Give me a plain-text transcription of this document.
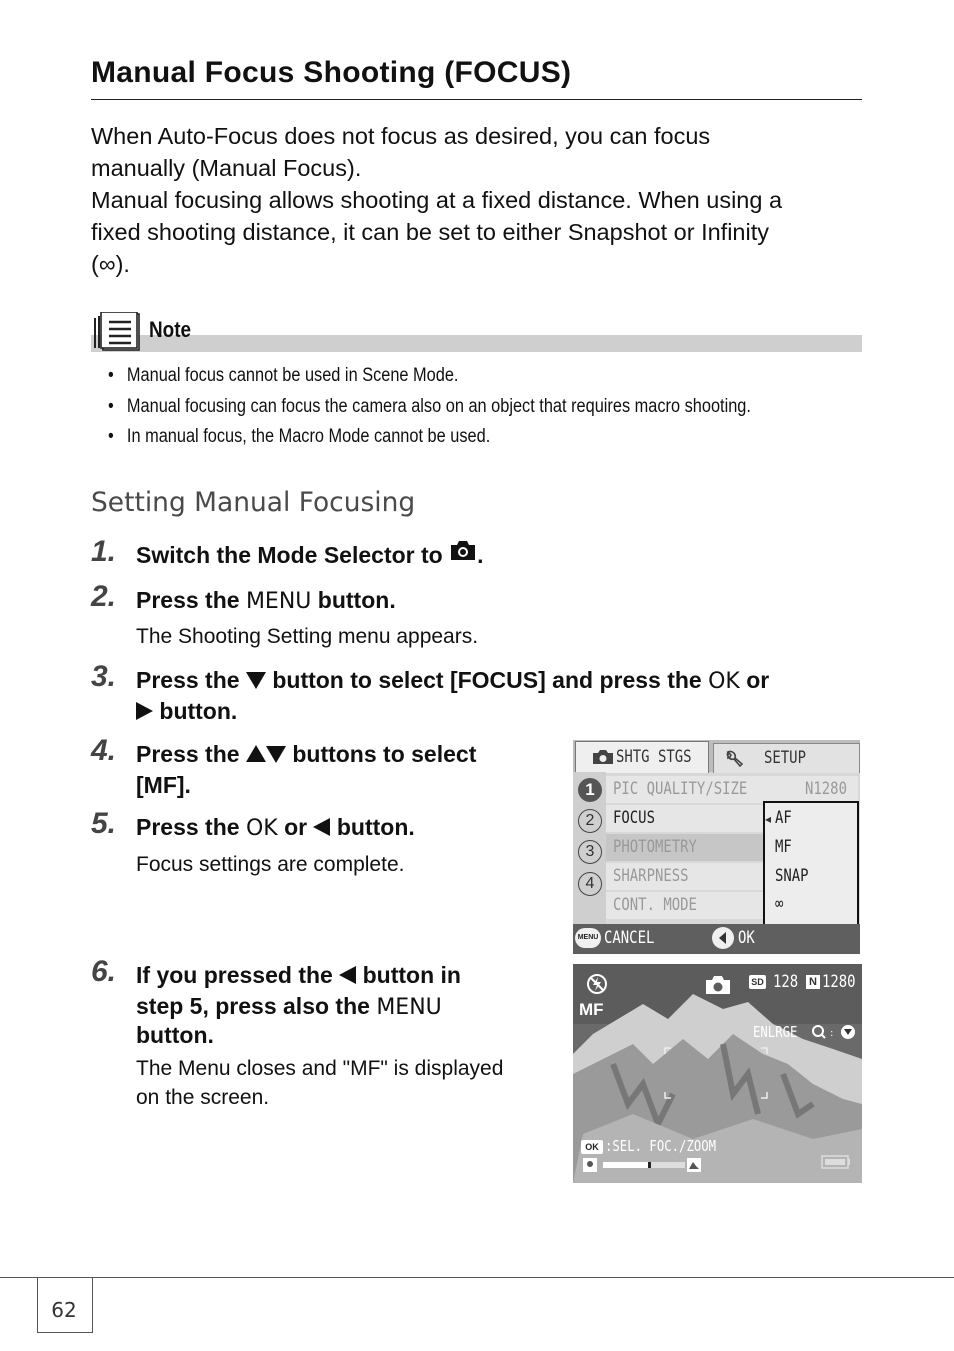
Manual Focus Shooting (FOCUS)
When Auto-Focus does not focus as desired, you can focus
manually (Manual Focus).
Manual focusing allows shooting at a fixed distance. When using a
fixed shooting distance, it can be set to either Snapshot or Infinity
(∞).
Note
• Manual focus cannot be used in Scene Mode.
• Manual focusing can focus the camera also on an object that requires macro shooting.
• In manual focus, the Macro Mode cannot be used.
Setting Manual Focusing
1. Switch the Mode Selector to .
2. Press the MENU button.
The Shooting Setting menu appears.
3. Press the button to select [FOCUS] and press the OK or
button.
4. Press the buttons to select
[MF].
5. Press the OK or button.
Focus settings are complete.
6. If you pressed the button in
step 5, press also the MENU
button.
The Menu closes and "MF" is displayed
on the screen.
SHTG STGS	SETUP
1
2
3
4
PIC QUALITY/SIZE	N1280
FOCUS
PHOTOMETRY
SHARPNESS
CONT. MODE
◂ AF
MF
SNAP
∞
MENU CANCEL	OK
SD 128 N 1280
MF
ENLRGE	:
OK :SEL. FOC./ZOOM
62
